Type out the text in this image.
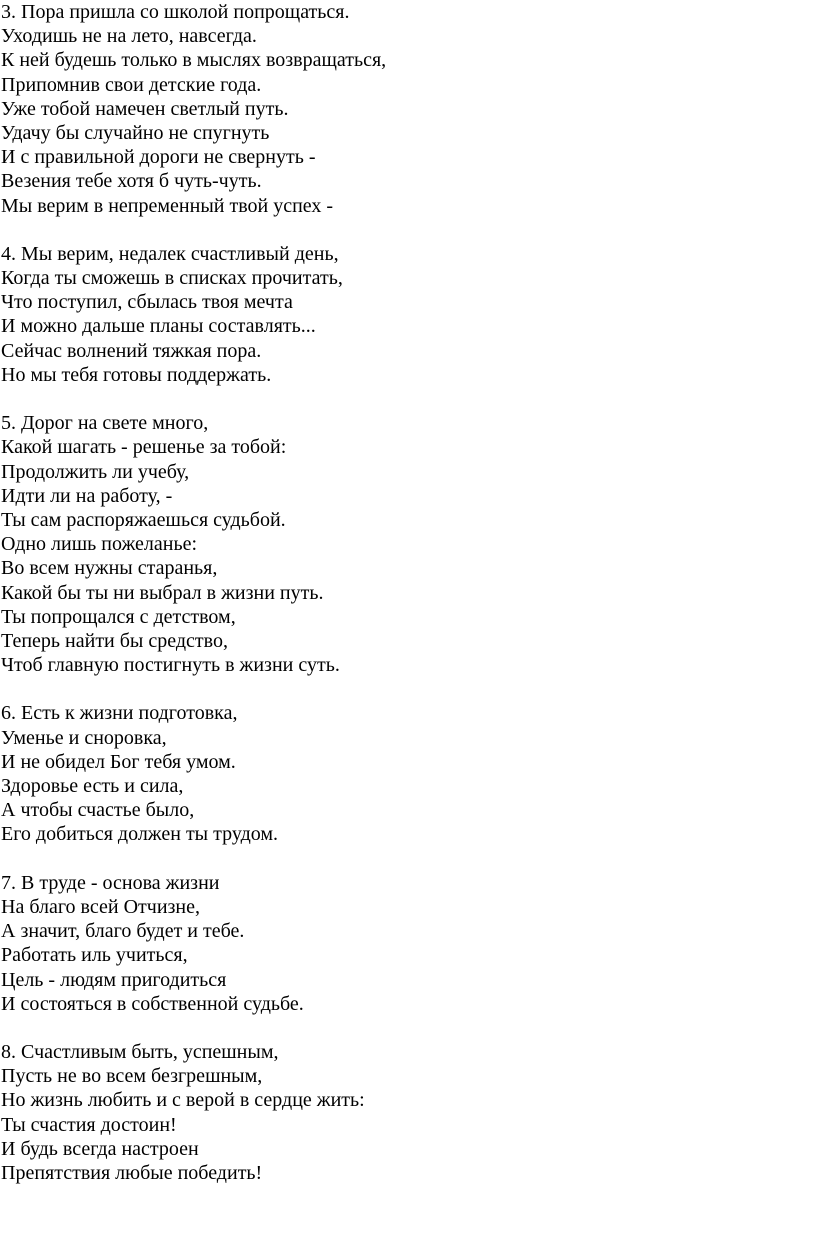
3. Пора пришла со школой попрощаться.
Уходишь не на лето, навсегда.
К ней будешь только в мыслях возвращаться,
Припомнив свои детские года.
Уже тобой намечен светлый путь.
Удачу бы случайно не спугнуть
И с правильной дороги не свернуть -
Везения тебе хотя б чуть-чуть.
Мы верим в непременный твой успех -
4. Мы верим, недалек счастливый день,
Когда ты сможешь в списках прочитать,
Что поступил, сбылась твоя мечта
И можно дальше планы составлять...
Сейчас волнений тяжкая пора.
Но мы тебя готовы поддержать.
5. Дорог на свете много,
Какой шагать - решенье за тобой:
Продолжить ли учебу,
Идти ли на работу, -
Ты сам распоряжаешься судьбой.
Одно лишь пожеланье:
Во всем нужны старанья,
Какой бы ты ни выбрал в жизни путь.
Ты попрощался с детством,
Теперь найти бы средство,
Чтоб главную постигнуть в жизни суть.
6. Есть к жизни подготовка,
Уменье и сноровка,
И не обидел Бог тебя умом.
Здоровье есть и сила,
А чтобы счастье было,
Его добиться должен ты трудом.
7. В труде - основа жизни
На благо всей Отчизне,
А значит, благо будет и тебе.
Работать иль учиться,
Цель - людям пригодиться
И состояться в собственной судьбе.
8. Счастливым быть, успешным,
Пусть не во всем безгрешным,
Но жизнь любить и с верой в сердце жить:
Ты счастия достоин!
И будь всегда настроен
Препятствия любые победить!
